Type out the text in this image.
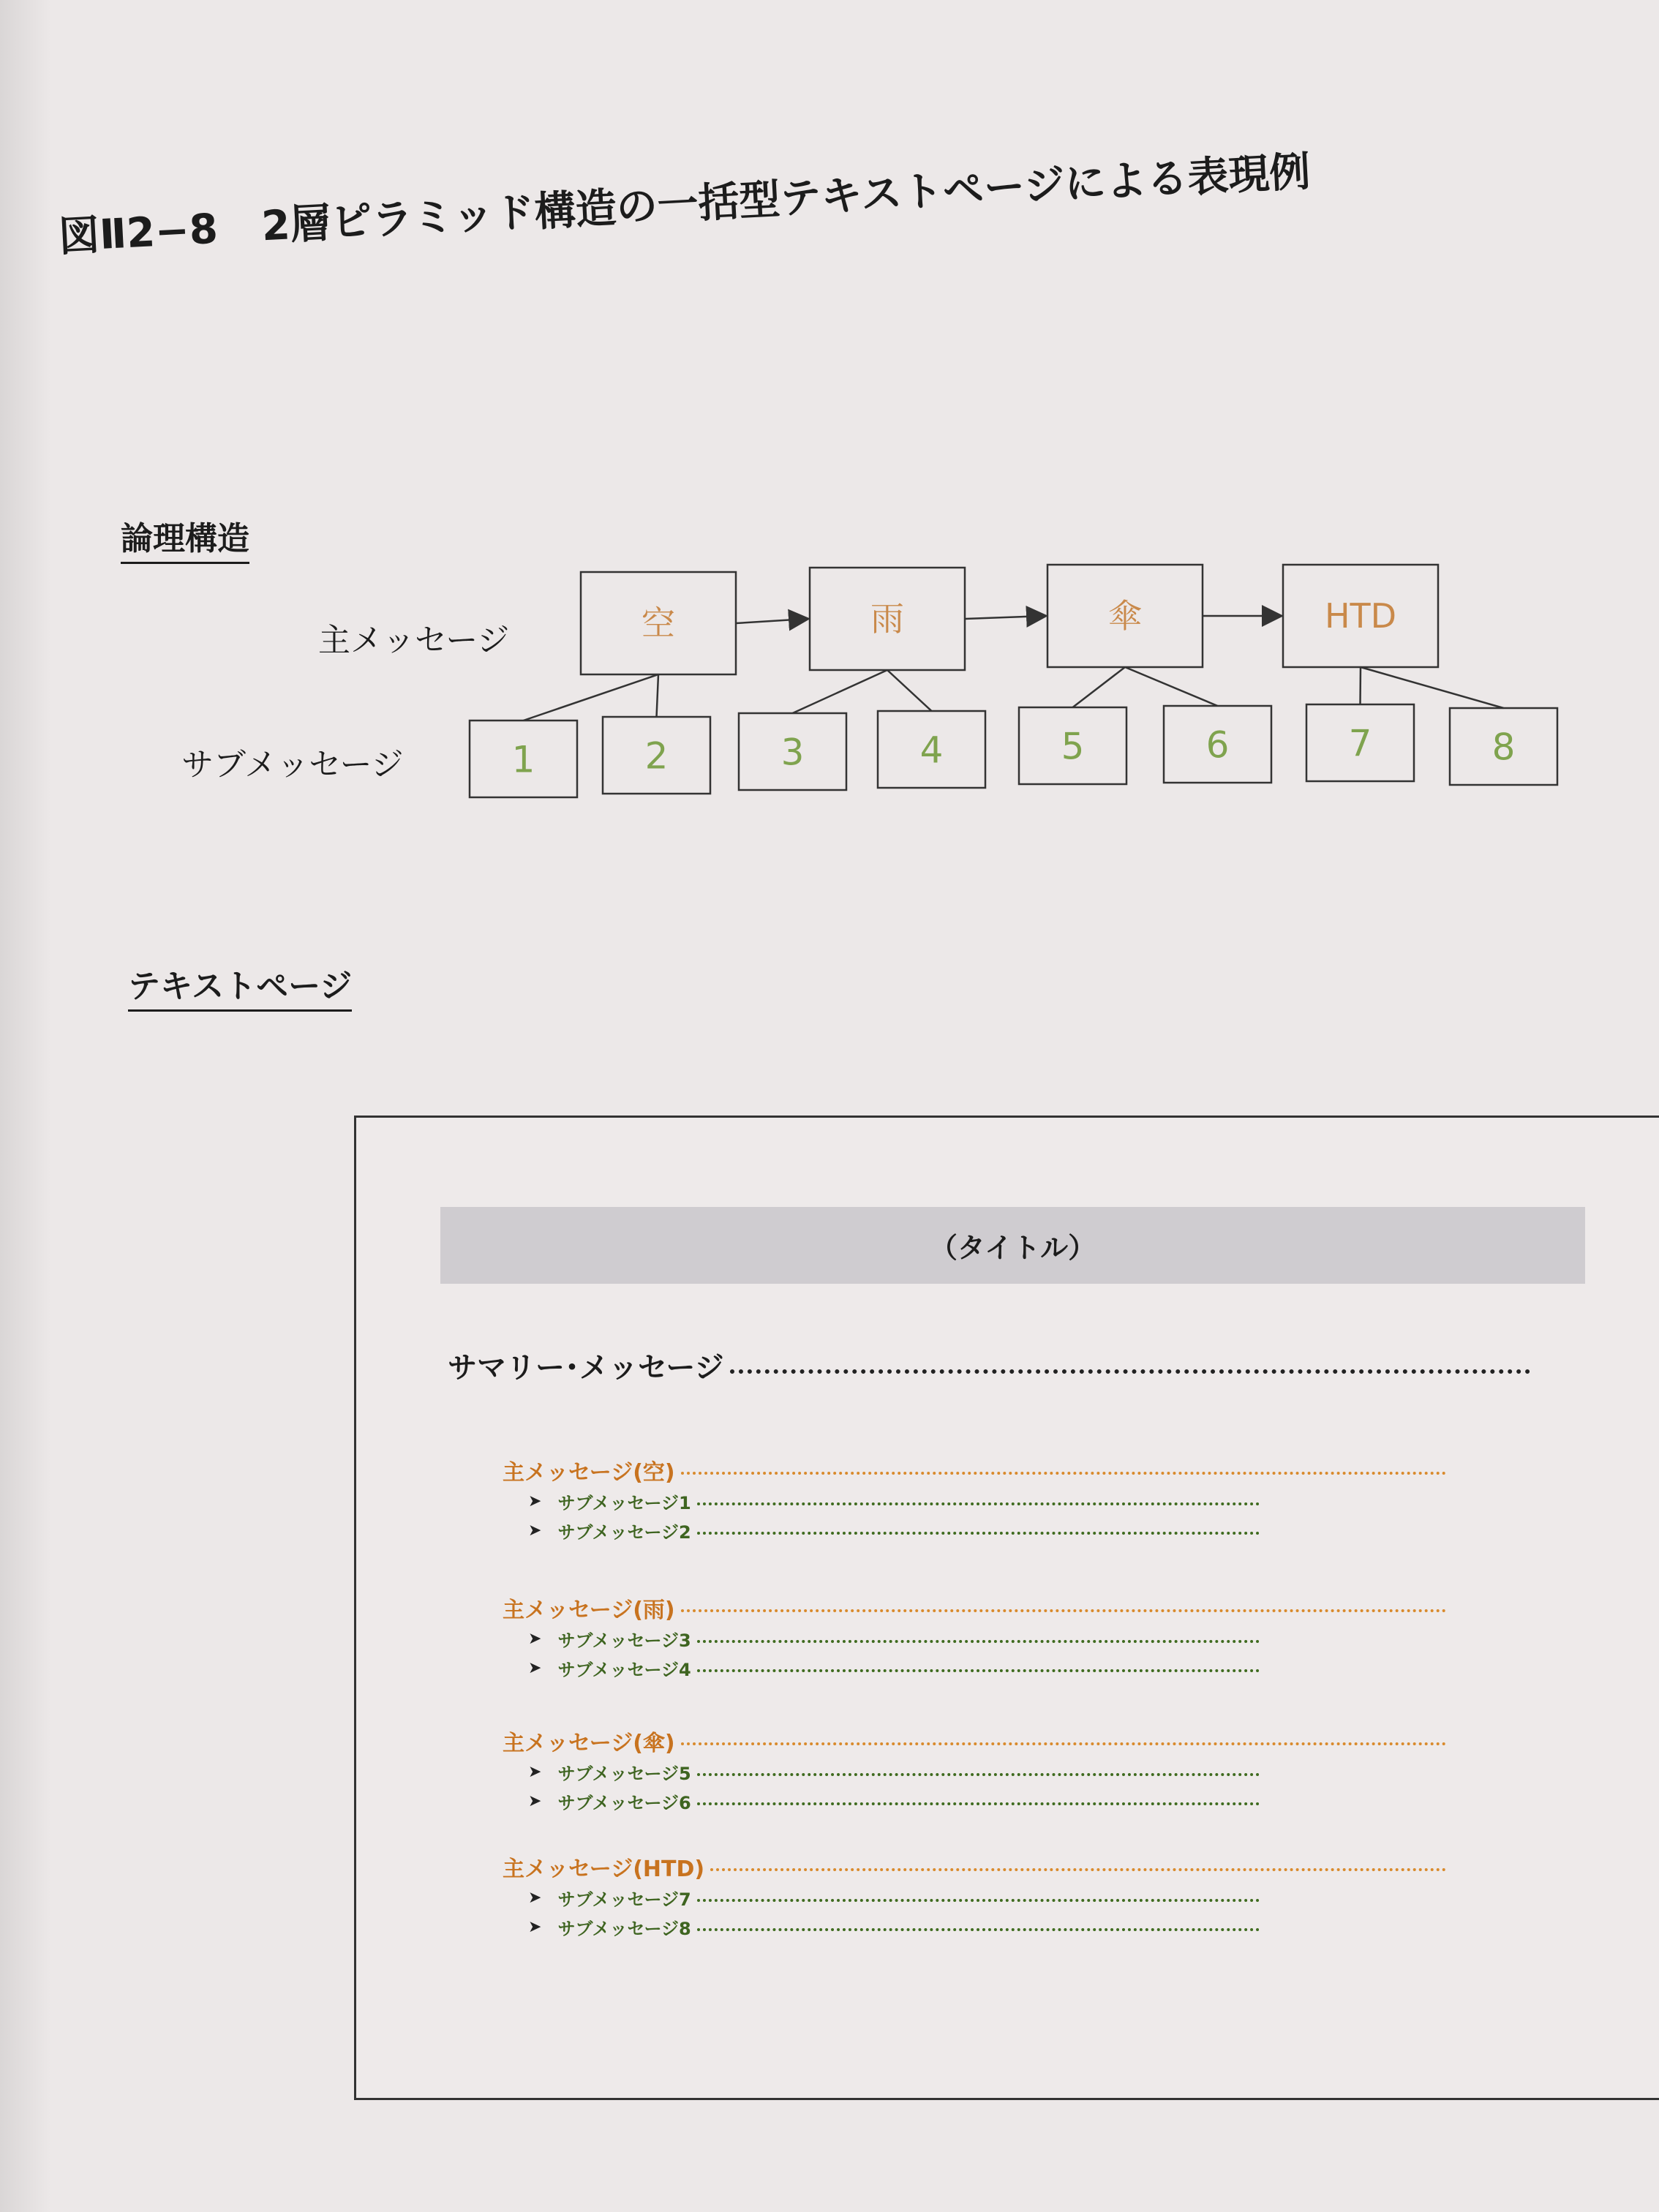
図Ⅱ2−8 2層ピラミッド構造の一括型テキストページによる表現例
論理構造
主メッセージ
サブメッセージ
空	雨	傘	HTD
1	2	3	4	5	6	7	8
テキストページ
（タイトル）
サマリー･メッセージ
主メッセージ(空)
➤ サブメッセージ1
➤ サブメッセージ2
主メッセージ(雨)
➤ サブメッセージ3
➤ サブメッセージ4
主メッセージ(傘)
➤ サブメッセージ5
➤ サブメッセージ6
主メッセージ(HTD)
➤ サブメッセージ7
➤ サブメッセージ8
